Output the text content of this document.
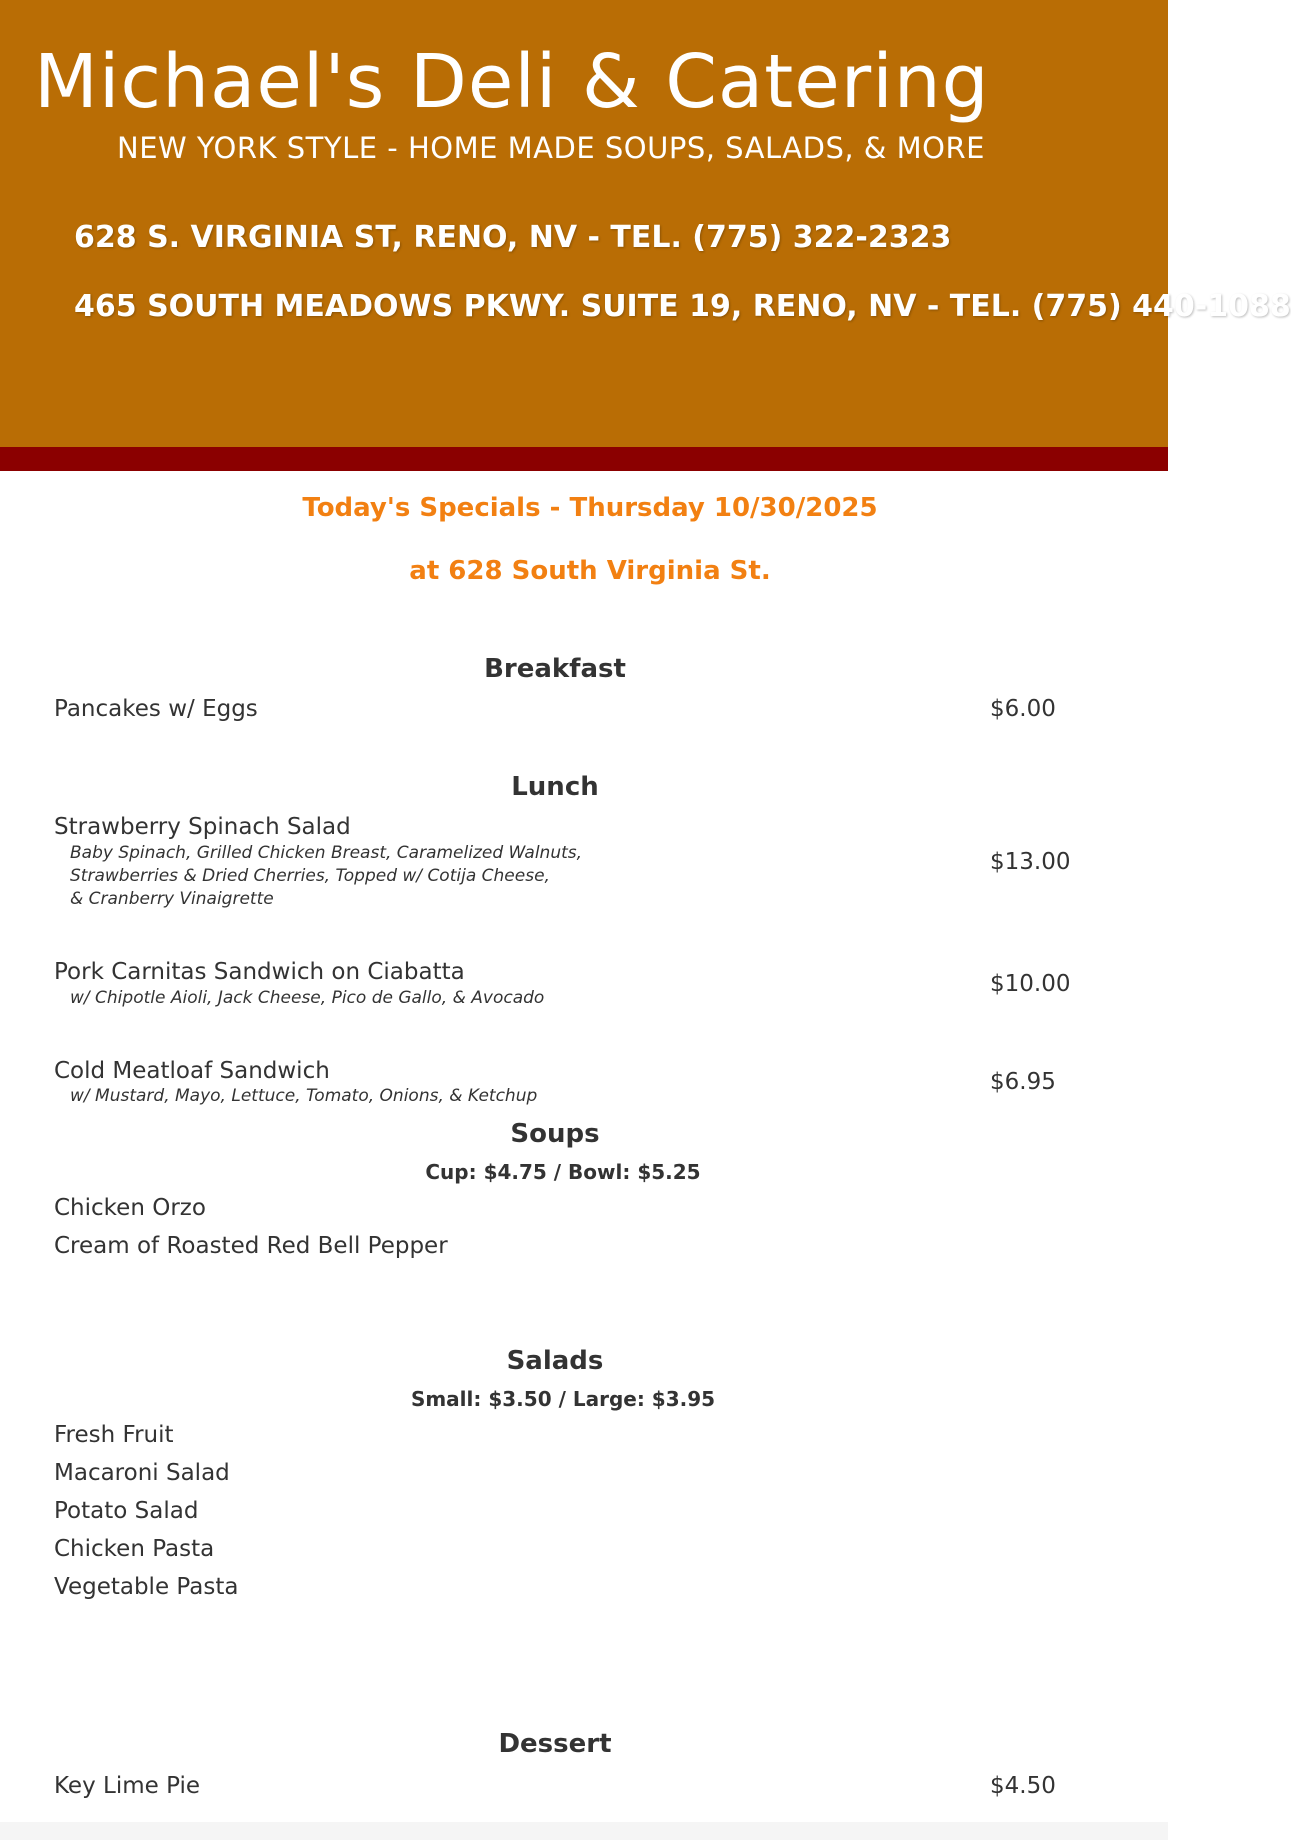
Michael's Deli & Catering
NEW YORK STYLE - HOME MADE SOUPS, SALADS, & MORE
628 S. VIRGINIA ST, RENO, NV - TEL. (775) 322-2323
465 SOUTH MEADOWS PKWY. SUITE 19, RENO, NV - TEL. (775) 440-1088
Today's Specials - Thursday 10/30/2025
at 628 South Virginia St.
Breakfast
Pancakes w/ Eggs	$6.00
Lunch
Strawberry Spinach Salad
Baby Spinach, Grilled Chicken Breast, Caramelized Walnuts,
Strawberries & Dried Cherries, Topped w/ Cotija Cheese,
& Cranberry Vinaigrette
$13.00
Pork Carnitas Sandwich on Ciabatta
w/ Chipotle Aioli, Jack Cheese, Pico de Gallo, & Avocado
$10.00
Cold Meatloaf Sandwich
w/ Mustard, Mayo, Lettuce, Tomato, Onions, & Ketchup
$6.95
Soups
Cup: $4.75 / Bowl: $5.25
Chicken Orzo
Cream of Roasted Red Bell Pepper
Salads
Small: $3.50 / Large: $3.95
Fresh Fruit
Macaroni Salad
Potato Salad
Chicken Pasta
Vegetable Pasta
Dessert
Key Lime Pie	$4.50
